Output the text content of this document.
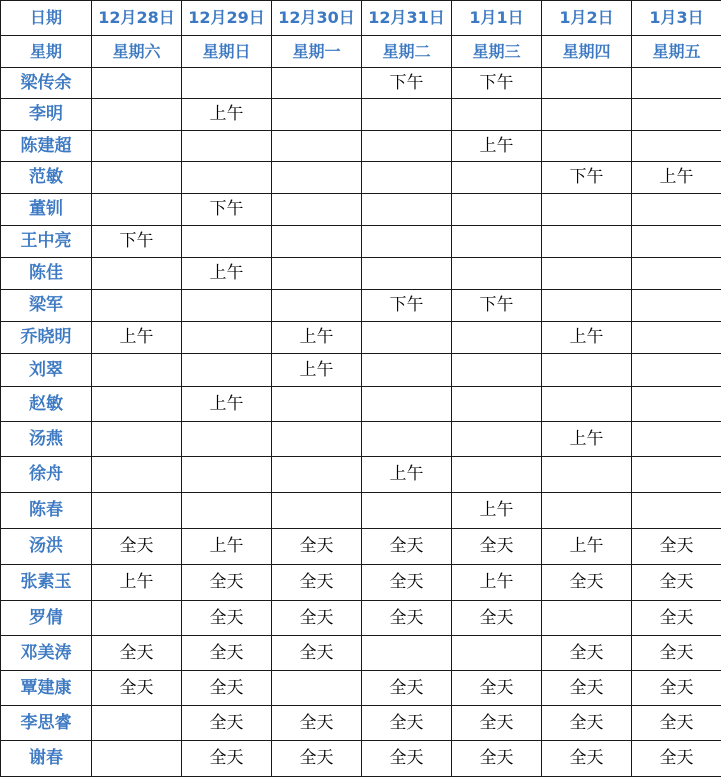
日期	12月28日	12月29日	12月30日	12月31日	1月1日	1月2日	1月3日
星期	星期六	星期日	星期一	星期二	星期三	星期四	星期五
梁传余				下午	下午		
李明		上午					
陈建超					上午		
范敏						下午	上午
董钏		下午					
王中亮	下午						
陈佳		上午					
梁军				下午	下午		
乔晓明	上午		上午			上午	
刘翠			上午				
赵敏		上午					
汤燕						上午	
徐舟				上午			
陈春					上午		
汤洪	全天	上午	全天	全天	全天	上午	全天
张素玉	上午	全天	全天	全天	上午	全天	全天
罗倩		全天	全天	全天	全天		全天
邓美涛	全天	全天	全天			全天	全天
覃建康	全天	全天		全天	全天	全天	全天
李思睿		全天	全天	全天	全天	全天	全天
谢春		全天	全天	全天	全天	全天	全天
